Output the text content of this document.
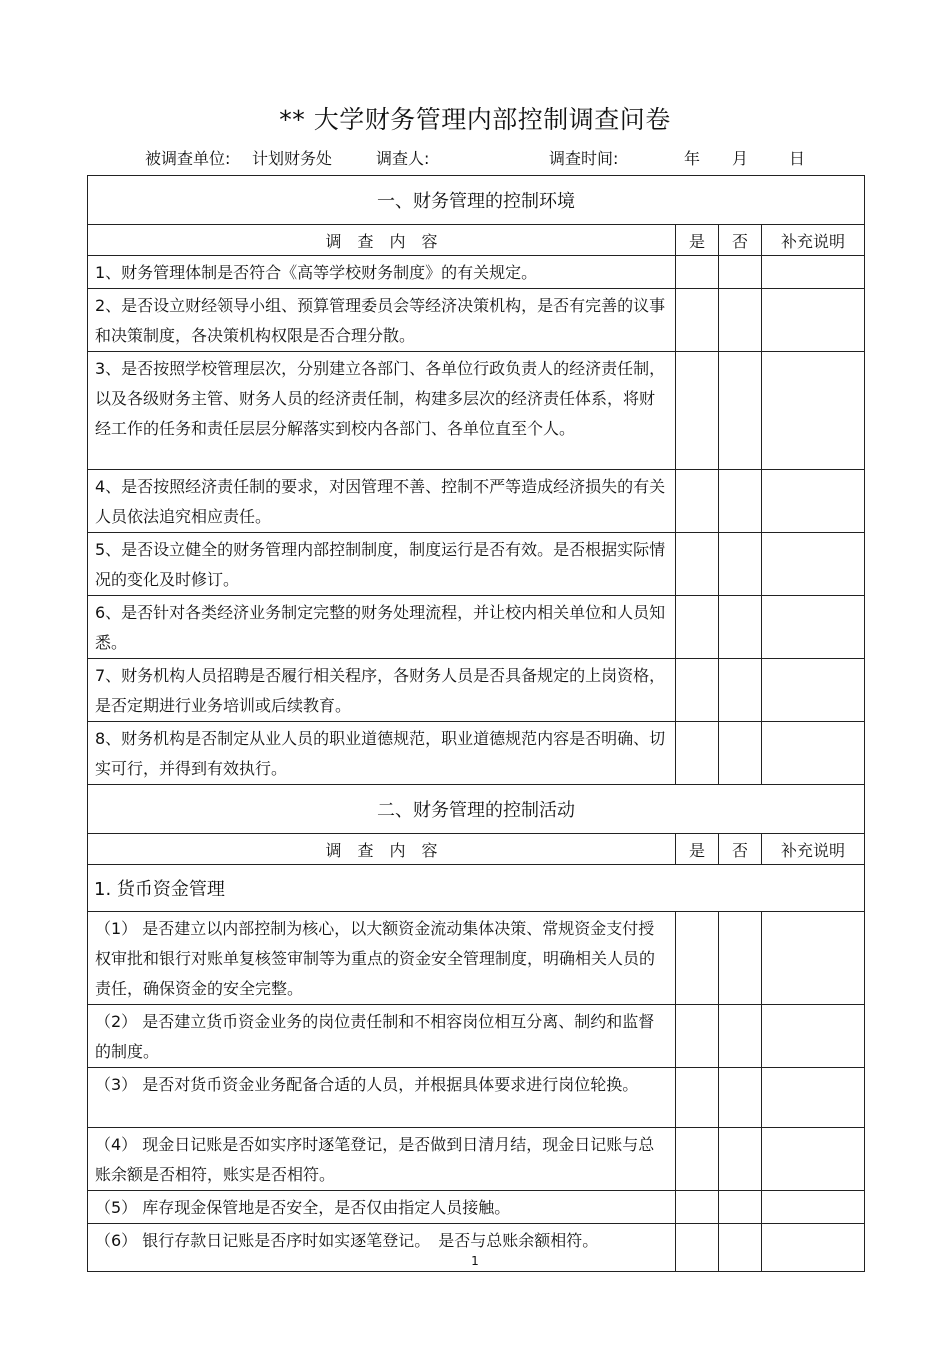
** 大学财务管理内部控制调查问卷
被调查单位: 计划财务处	调查人:	调查时间:	年 月	日
一、财务管理的控制环境			
调查内容	是	否	补充说明
1、财务管理体制是否符合《高等学校财务制度》的有关规定。			
2、是否设立财经领导小组、预算管理委员会等经济决策机构，是否有完善的议事和决策制度，各决策机构权限是否合理分散。			
3、是否按照学校管理层次，分别建立各部门、各单位行政负责人的经济责任制，以及各级财务主管、财务人员的经济责任制，构建多层次的经济责任体系，将财经工作的任务和责任层层分解落实到校内各部门、各单位直至个人。			
4、是否按照经济责任制的要求，对因管理不善、控制不严等造成经济损失的有关人员依法追究相应责任。			
5、是否设立健全的财务管理内部控制制度，制度运行是否有效。是否根据实际情况的变化及时修订。			
6、是否针对各类经济业务制定完整的财务处理流程，并让校内相关单位和人员知悉。			
7、财务机构人员招聘是否履行相关程序，各财务人员是否具备规定的上岗资格，是否定期进行业务培训或后续教育。			
8、财务机构是否制定从业人员的职业道德规范，职业道德规范内容是否明确、切实可行，并得到有效执行。			
二、财务管理的控制活动			
调查内容	是	否	补充说明
1. 货币资金管理			
（1） 是否建立以内部控制为核心，以大额资金流动集体决策、常规资金支付授权审批和银行对账单复核签审制等为重点的资金安全管理制度，明确相关人员的责任，确保资金的安全完整。			
（2） 是否建立货币资金业务的岗位责任制和不相容岗位相互分离、制约和监督的制度。			
（3） 是否对货币资金业务配备合适的人员，并根据具体要求进行岗位轮换。			
（4） 现金日记账是否如实序时逐笔登记，是否做到日清月结，现金日记账与总账余额是否相符，账实是否相符。			
（5） 库存现金保管地是否安全，是否仅由指定人员接触。			
（6） 银行存款日记账是否序时如实逐笔登记。　是否与总账余额相符。			
1
